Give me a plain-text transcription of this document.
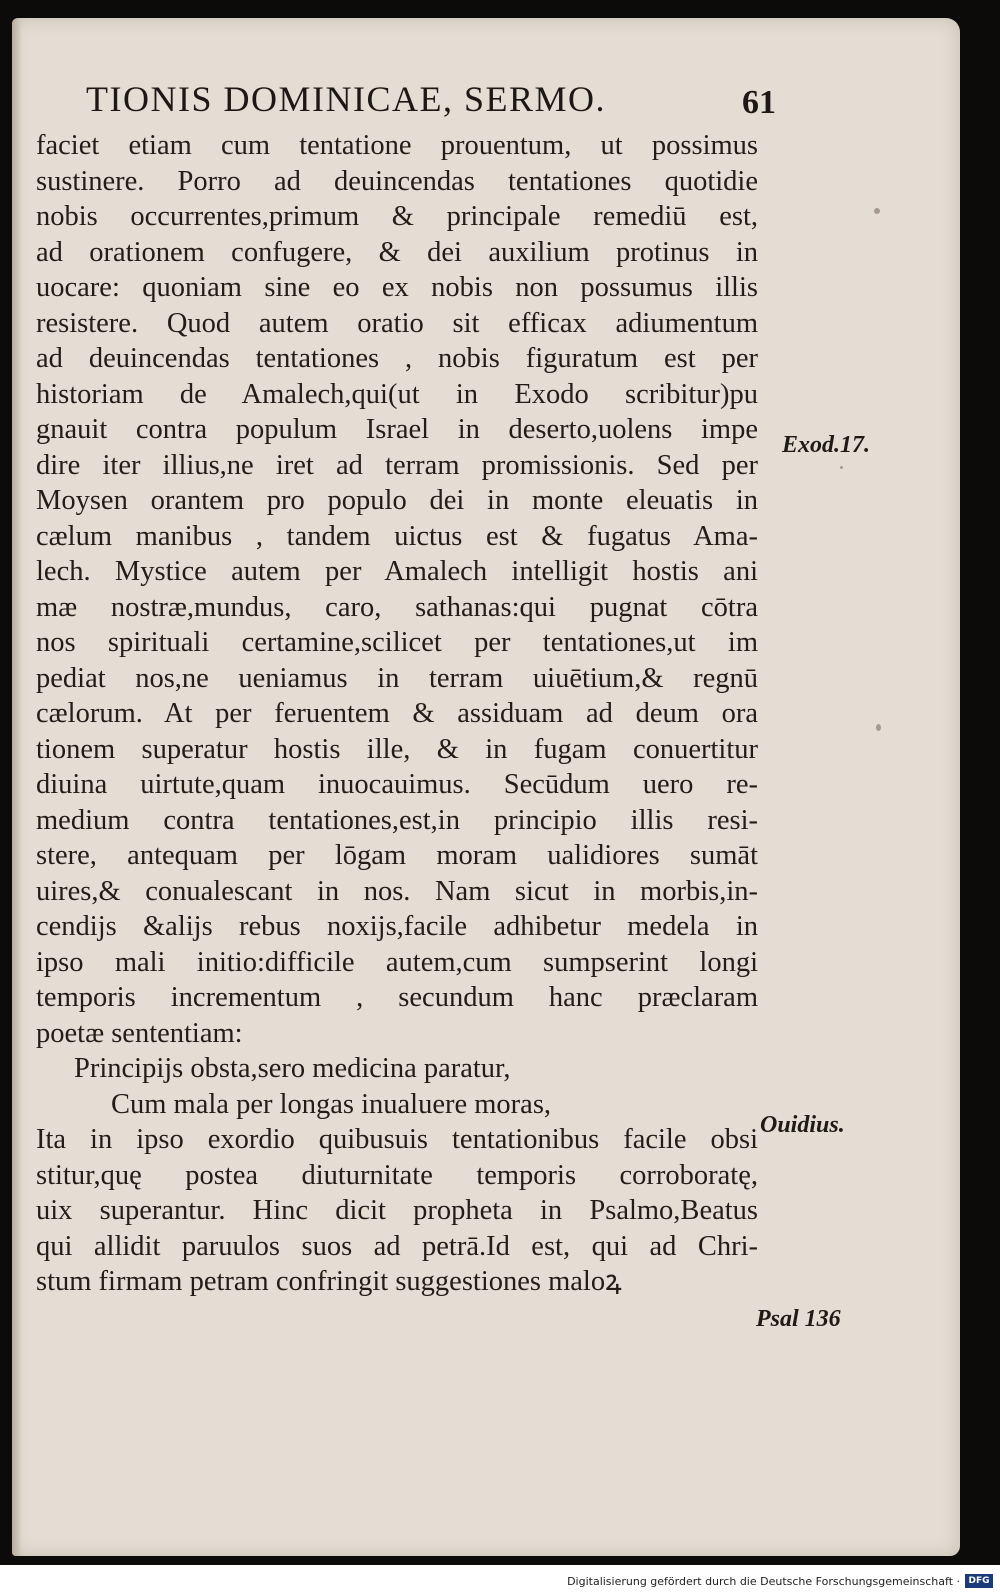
TIONIS DOMINICAE, SERMO.	61
faciet etiam cum tentatione prouentum, ut possimus
sustinere. Porro ad deuincendas tentationes quotidie
nobis occurrentes,primum & principale remediū est,
ad orationem confugere, & dei auxilium protinus in
uocare: quoniam sine eo ex nobis non possumus illis
resistere. Quod autem oratio sit efficax adiumentum
ad deuincendas tentationes , nobis figuratum est per
historiam de Amalech,qui(ut in Exodo scribitur)pu
gnauit contra populum Israel in deserto,uolens impe
dire iter illius,ne iret ad terram promissionis. Sed per
Moysen orantem pro populo dei in monte eleuatis in
cælum manibus , tandem uictus est & fugatus Ama-
lech. Mystice autem per Amalech intelligit hostis ani
mæ nostræ,mundus, caro, sathanas:qui pugnat cōtra
nos spirituali certamine,scilicet per tentationes,ut im
pediat nos,ne ueniamus in terram uiuētium,& regnū
cælorum. At per feruentem & assiduam ad deum ora
tionem superatur hostis ille, & in fugam conuertitur
diuina uirtute,quam inuocauimus. Secūdum uero re-
medium contra tentationes,est,in principio illis resi-
stere, antequam per lōgam moram ualidiores sumāt
uires,& conualescant in nos. Nam sicut in morbis,in-
cendijs &alijs rebus noxijs,facile adhibetur medela in
ipso mali initio:difficile autem,cum sumpserint longi
temporis incrementum , secundum hanc præclaram
poetæ sententiam:
Principijs obsta,sero medicina paratur,
Cum mala per longas inualuere moras,
Ita in ipso exordio quibusuis tentationibus facile obsi
stitur,quę postea diuturnitate temporis corroboratę,
uix superantur. Hinc dicit propheta in Psalmo,Beatus
qui allidit paruulos suos ad petrā.Id est, qui ad Chri-
stum firmam petram confringit suggestiones maloꝝ
Exod.17.
Ouidius.
Psal 136
Digitalisierung gefördert durch die Deutsche Forschungsgemeinschaft · DFG
